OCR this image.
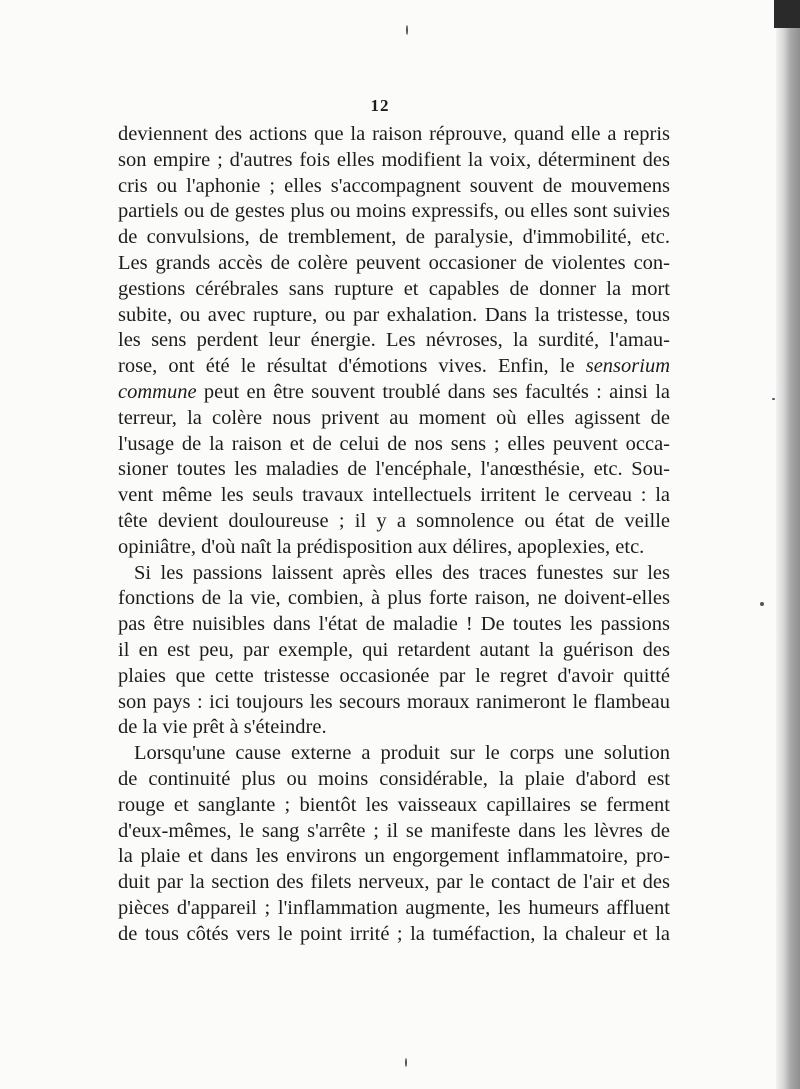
12
deviennent des actions que la raison réprouve, quand elle a repris
son empire ; d'autres fois elles modifient la voix, déterminent des
cris ou l'aphonie ; elles s'accompagnent souvent de mouvemens
partiels ou de gestes plus ou moins expressifs, ou elles sont suivies
de convulsions, de tremblement, de paralysie, d'immobilité, etc.
Les grands accès de colère peuvent occasioner de violentes con-
gestions cérébrales sans rupture et capables de donner la mort
subite, ou avec rupture, ou par exhalation. Dans la tristesse, tous
les sens perdent leur énergie. Les névroses, la surdité, l'amau-
rose, ont été le résultat d'émotions vives. Enfin, le sensorium
commune peut en être souvent troublé dans ses facultés : ainsi la
terreur, la colère nous privent au moment où elles agissent de
l'usage de la raison et de celui de nos sens ; elles peuvent occa-
sioner toutes les maladies de l'encéphale, l'anœsthésie, etc. Sou-
vent même les seuls travaux intellectuels irritent le cerveau : la
tête devient douloureuse ; il y a somnolence ou état de veille
opiniâtre, d'où naît la prédisposition aux délires, apoplexies, etc.
Si les passions laissent après elles des traces funestes sur les
fonctions de la vie, combien, à plus forte raison, ne doivent-elles
pas être nuisibles dans l'état de maladie ! De toutes les passions
il en est peu, par exemple, qui retardent autant la guérison des
plaies que cette tristesse occasionée par le regret d'avoir quitté
son pays : ici toujours les secours moraux ranimeront le flambeau
de la vie prêt à s'éteindre.
Lorsqu'une cause externe a produit sur le corps une solution
de continuité plus ou moins considérable, la plaie d'abord est
rouge et sanglante ; bientôt les vaisseaux capillaires se ferment
d'eux-mêmes, le sang s'arrête ; il se manifeste dans les lèvres de
la plaie et dans les environs un engorgement inflammatoire, pro-
duit par la section des filets nerveux, par le contact de l'air et des
pièces d'appareil ; l'inflammation augmente, les humeurs affluent
de tous côtés vers le point irrité ; la tuméfaction, la chaleur et la
